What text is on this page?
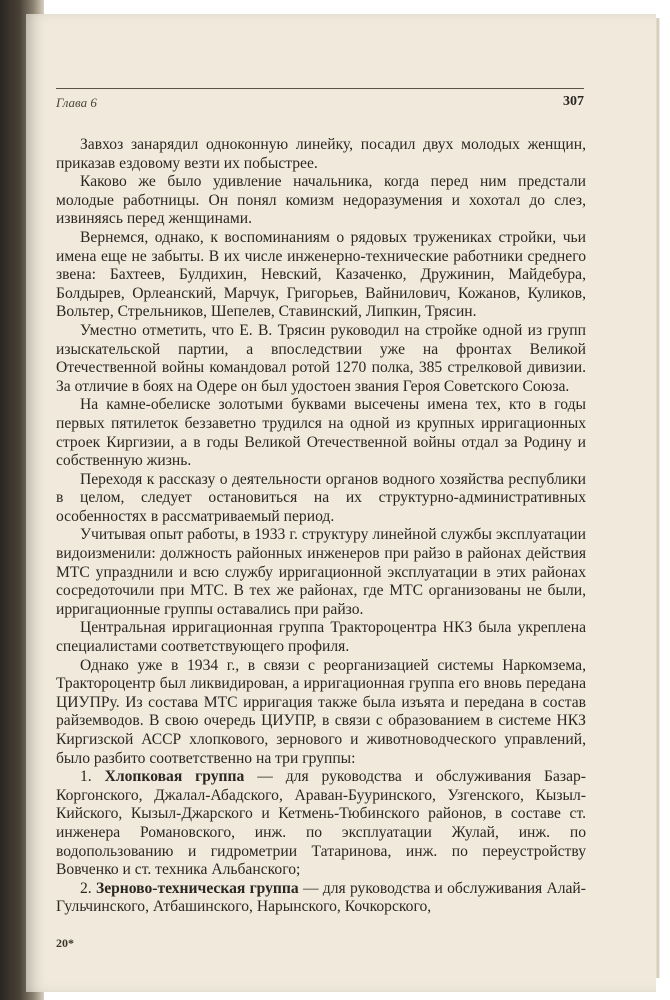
Глава 6	307

Завхоз занарядил одноконную линейку, посадил двух молодых женщин, приказав ездовому везти их побыстрее.

Каково же было удивление начальника, когда перед ним предстали молодые работницы. Он понял комизм недоразумения и хохотал до слез, извиняясь перед женщинами.

Вернемся, однако, к воспоминаниям о рядовых тружениках стройки, чьи имена еще не забыты. В их числе инженерно-технические работники среднего звена: Бахтеев, Булдихин, Невский, Казаченко, Дружинин, Майдебура, Болдырев, Орлеанский, Марчук, Григорьев, Вайнилович, Кожанов, Куликов, Вольтер, Стрельников, Шепелев, Ставинский, Липкин, Трясин.

Уместно отметить, что Е. В. Трясин руководил на стройке одной из групп изыскательской партии, а впоследствии уже на фронтах Великой Отечественной войны командовал ротой 1270 полка, 385 стрелковой дивизии. За отличие в боях на Одере он был удостоен звания Героя Советского Союза.

На камне-обелиске золотыми буквами высечены имена тех, кто в годы первых пятилеток беззаветно трудился на одной из крупных ирригационных строек Киргизии, а в годы Великой Отечественной войны отдал за Родину и собственную жизнь.

Переходя к рассказу о деятельности органов водного хозяйства республики в целом, следует остановиться на их структурно-административных особенностях в рассматриваемый период.

Учитывая опыт работы, в 1933 г. структуру линейной службы эксплуатации видоизменили: должность районных инженеров при райзо в районах действия МТС упразднили и всю службу ирригационной эксплуатации в этих районах сосредоточили при МТС. В тех же районах, где МТС организованы не были, ирригационные группы оставались при райзо.

Центральная ирригационная группа Трактороцентра НКЗ была укреплена специалистами соответствующего профиля.

Однако уже в 1934 г., в связи с реорганизацией системы Наркомзема, Трактороцентр был ликвидирован, а ирригационная группа его вновь передана ЦИУПРу. Из состава МТС ирригация также была изъята и передана в состав райземводов. В свою очередь ЦИУПР, в связи с образованием в системе НКЗ Киргизской АССР хлопкового, зернового и животноводческого управлений, было разбито соответственно на три группы:

1. Хлопковая группа — для руководства и обслуживания Базар-Коргонского, Джалал-Абадского, Араван-Бууринского, Узгенского, Кызыл-Кийского, Кызыл-Джарского и Кетмень-Тюбинского районов, в составе ст. инженера Романовского, инж. по эксплуатации Жулай, инж. по водопользованию и гидрометрии Татаринова, инж. по переустройству Вовченко и ст. техника Альбанского;

2. Зерново-техническая группа — для руководства и обслуживания Алай-Гульчинского, Атбашинского, Нарынского, Кочкорского,

20*
